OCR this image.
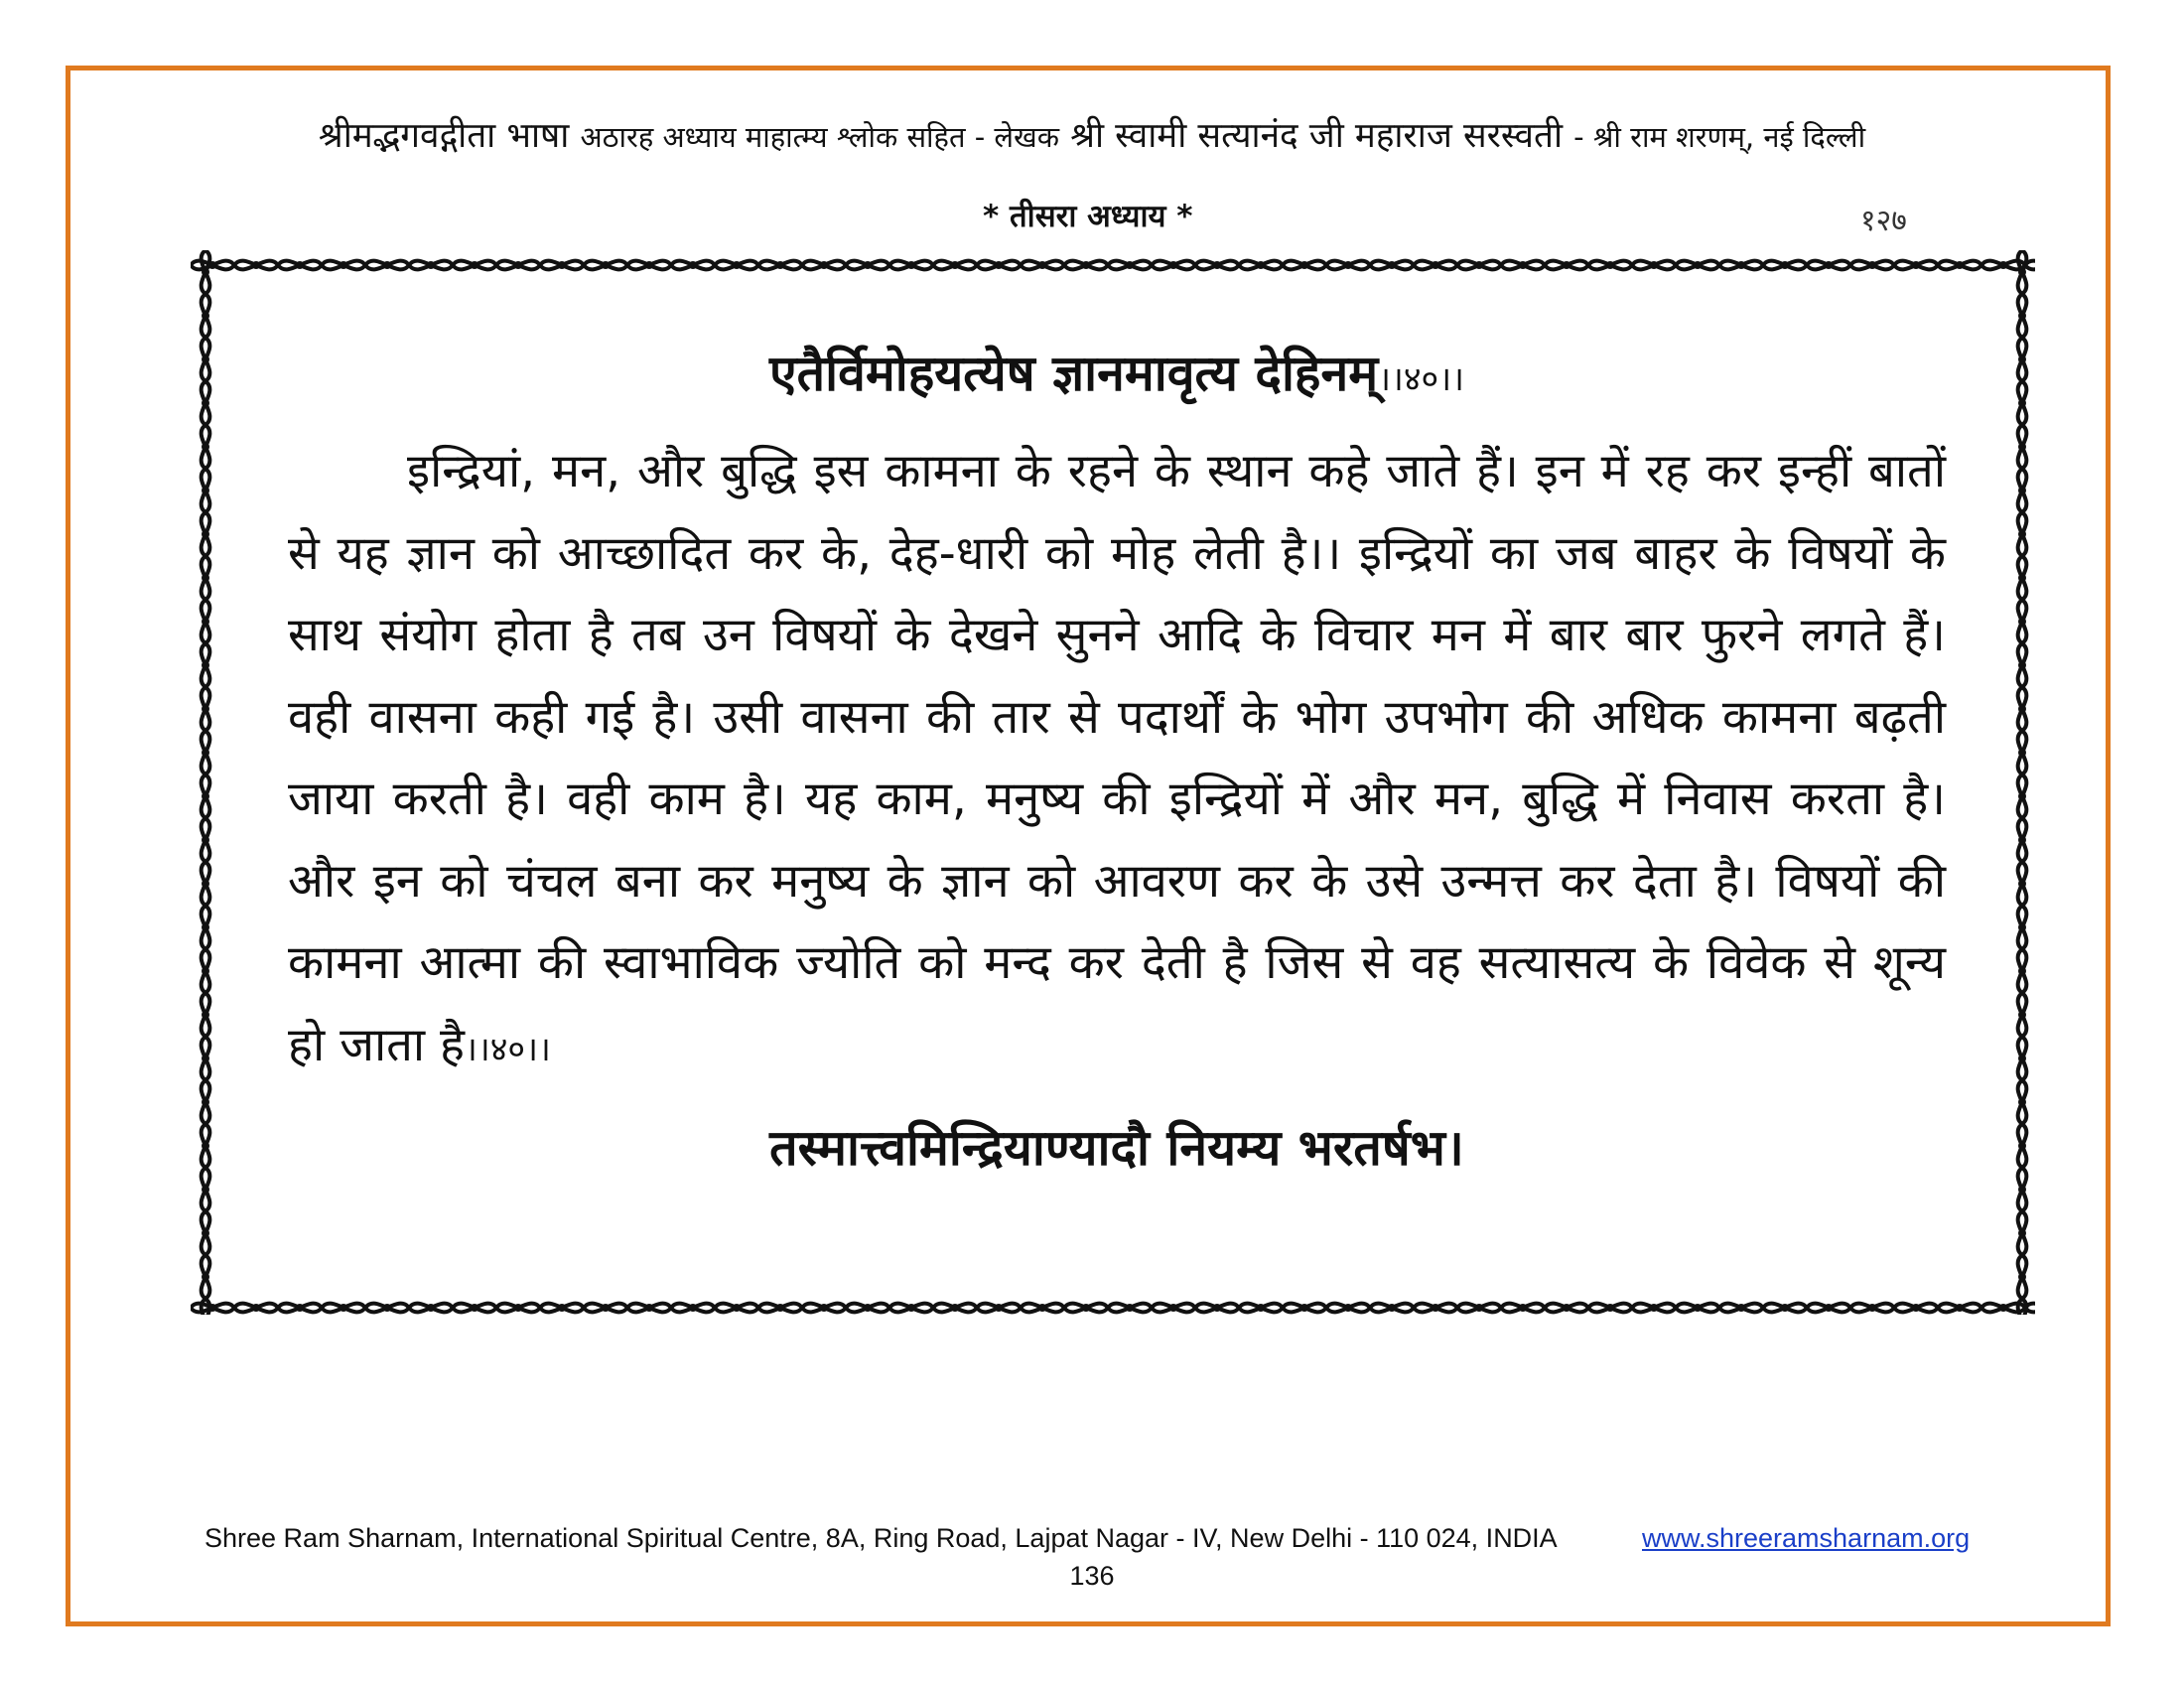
श्रीमद्भगवद्गीता भाषा अठारह अध्याय माहात्म्य श्लोक सहित - लेखक श्री स्वामी सत्यानंद जी महाराज सरस्वती - श्री राम शरणम्, नई दिल्ली
* तीसरा अध्याय *	१२७
एतैर्विमोहयत्येष ज्ञानमावृत्य देहिनम्।।४०।।

इन्द्रियां, मन, और बुद्धि इस कामना के रहने के स्थान कहे जाते हैं। इन में रह कर इन्हीं बातों से यह ज्ञान को आच्छादित कर के, देह-धारी को मोह लेती है।। इन्द्रियों का जब बाहर के विषयों के साथ संयोग होता है तब उन विषयों के देखने सुनने आदि के विचार मन में बार बार फुरने लगते हैं। वही वासना कही गई है। उसी वासना की तार से पदार्थों के भोग उपभोग की अधिक कामना बढ़ती जाया करती है। वही काम है। यह काम, मनुष्य की इन्द्रियों में और मन, बुद्धि में निवास करता है। और इन को चंचल बना कर मनुष्य के ज्ञान को आवरण कर के उसे उन्मत्त कर देता है। विषयों की कामना आत्मा की स्वाभाविक ज्योति को मन्द कर देती है जिस से वह सत्यासत्य के विवेक से शून्य हो जाता है।।४०।।

तस्मात्त्वमिन्द्रियाण्यादौ नियम्य भरतर्षभ।
Shree Ram Sharnam, International Spiritual Centre, 8A, Ring Road, Lajpat Nagar - IV, New Delhi - 110 024, INDIA	www.shreeramsharnam.org
136
